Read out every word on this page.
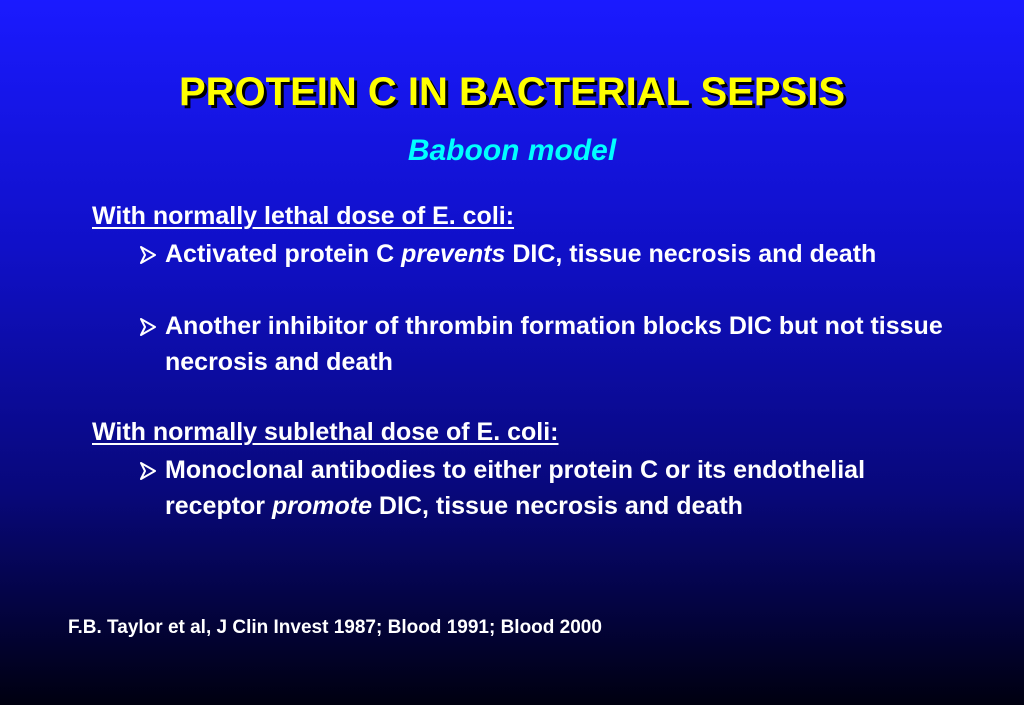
PROTEIN C IN BACTERIAL SEPSIS
Baboon model
With normally lethal dose of E. coli:
Activated protein C prevents DIC, tissue necrosis and death
Another inhibitor of thrombin formation blocks DIC but not tissue necrosis and death
With normally sublethal dose of E. coli:
Monoclonal antibodies to either protein C or its endothelial receptor promote DIC, tissue necrosis and death
F.B. Taylor et al, J Clin Invest 1987; Blood 1991; Blood 2000
